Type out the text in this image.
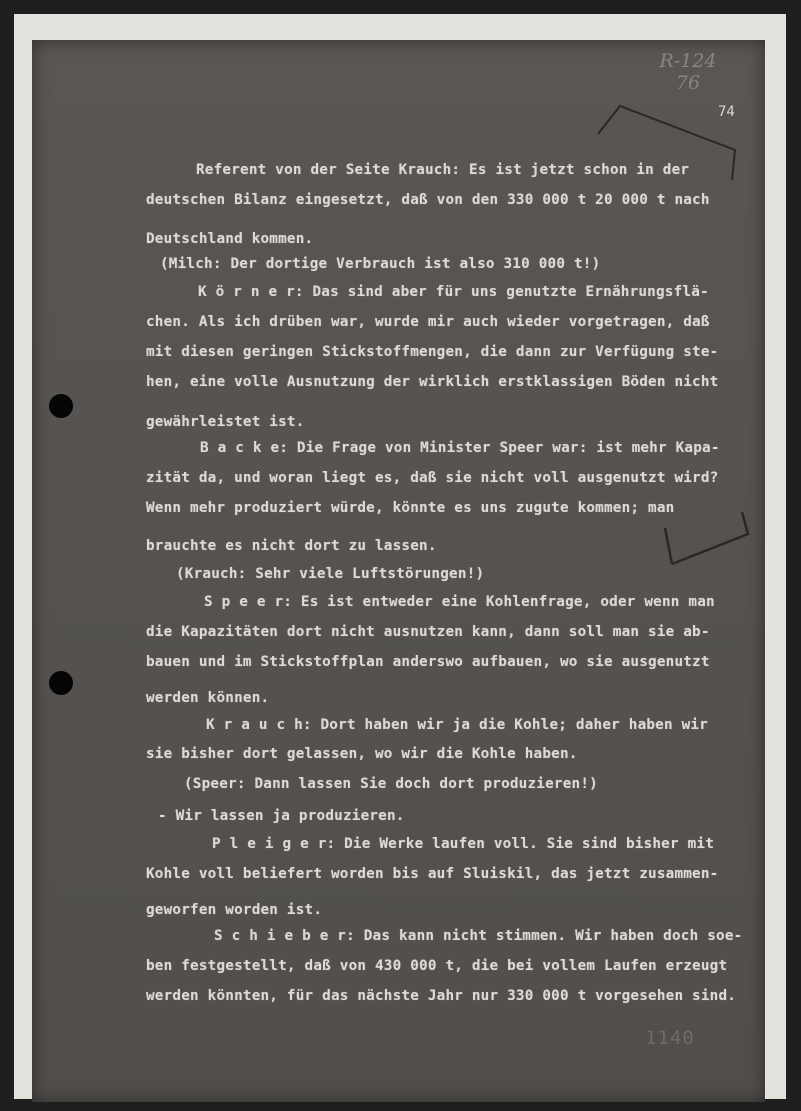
R-124
76
74
Referent von der Seite Krauch: Es ist jetzt schon in der
deutschen Bilanz eingesetzt, daß von den 330 000 t 20 000 t nach
Deutschland kommen.
(Milch: Der dortige Verbrauch ist also 310 000 t!)
K ö r n e r: Das sind aber für uns genutzte Ernährungsflä-
chen. Als ich drüben war, wurde mir auch wieder vorgetragen, daß
mit diesen geringen Stickstoffmengen, die dann zur Verfügung ste-
hen, eine volle Ausnutzung der wirklich erstklassigen Böden nicht
gewährleistet ist.
B a c k e: Die Frage von Minister Speer war: ist mehr Kapa-
zität da, und woran liegt es, daß sie nicht voll ausgenutzt wird?
Wenn mehr produziert würde, könnte es uns zugute kommen; man
brauchte es nicht dort zu lassen.
(Krauch: Sehr viele Luftstörungen!)
S p e e r: Es ist entweder eine Kohlenfrage, oder wenn man
die Kapazitäten dort nicht ausnutzen kann, dann soll man sie ab-
bauen und im Stickstoffplan anderswo aufbauen, wo sie ausgenutzt
werden können.
K r a u c h: Dort haben wir ja die Kohle; daher haben wir
sie bisher dort gelassen, wo wir die Kohle haben.
(Speer: Dann lassen Sie doch dort produzieren!)
- Wir lassen ja produzieren.
P l e i g e r: Die Werke laufen voll. Sie sind bisher mit
Kohle voll beliefert worden bis auf Sluiskil, das jetzt zusammen-
geworfen worden ist.
S c h i e b e r: Das kann nicht stimmen. Wir haben doch soe-
ben festgestellt, daß von 430 000 t, die bei vollem Laufen erzeugt
werden könnten, für das nächste Jahr nur 330 000 t vorgesehen sind.
1140
